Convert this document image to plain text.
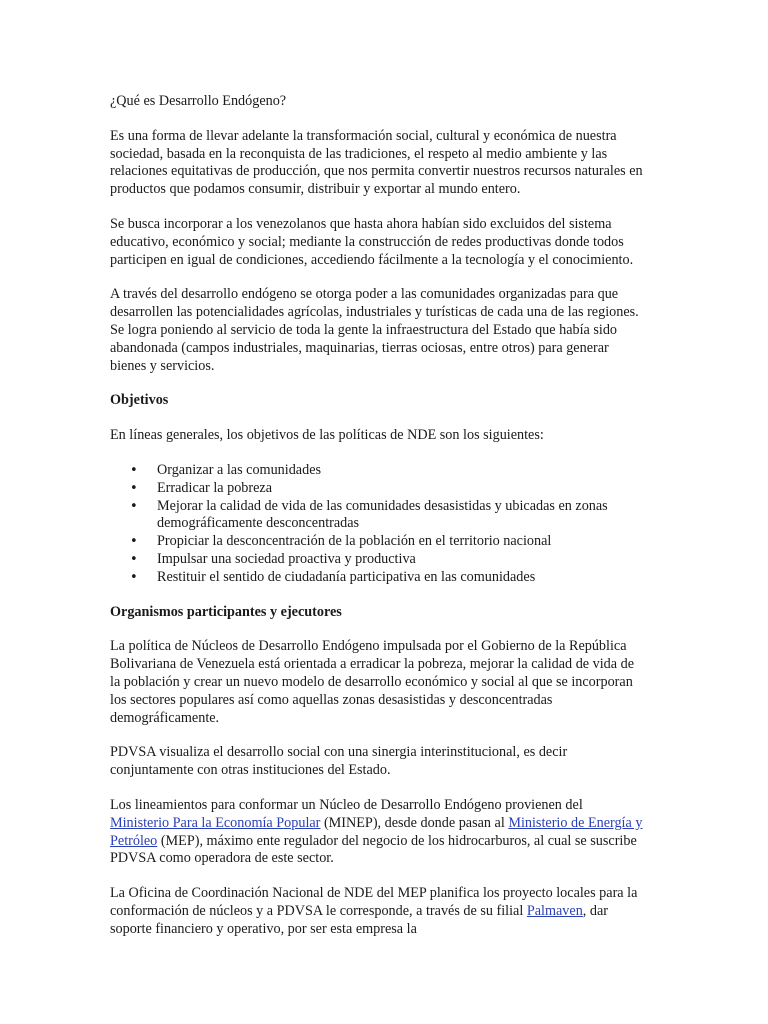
¿Qué es Desarrollo Endógeno?

Es una forma de llevar adelante la transformación social, cultural y económica de nuestra sociedad, basada en la reconquista de las tradiciones, el respeto al medio ambiente y las relaciones equitativas de producción, que nos permita convertir nuestros recursos naturales en productos que podamos consumir, distribuir y exportar al mundo entero.

Se busca incorporar a los venezolanos que hasta ahora habían sido excluidos del sistema educativo, económico y social; mediante la construcción de redes productivas donde todos participen en igual de condiciones, accediendo fácilmente a la tecnología y el conocimiento.

A través del desarrollo endógeno se otorga poder a las comunidades organizadas para que desarrollen las potencialidades agrícolas, industriales y turísticas de cada una de las regiones. Se logra poniendo al servicio de toda la gente la infraestructura del Estado que había sido abandonada (campos industriales, maquinarias, tierras ociosas, entre otros) para generar bienes y servicios.

Objetivos

En líneas generales, los objetivos de las políticas de NDE son los siguientes:

• Organizar a las comunidades
• Erradicar la pobreza
• Mejorar la calidad de vida de las comunidades desasistidas y ubicadas en zonas demográficamente desconcentradas
• Propiciar la desconcentración de la población en el territorio nacional
• Impulsar una sociedad proactiva y productiva
• Restituir el sentido de ciudadanía participativa en las comunidades

Organismos participantes y ejecutores

La política de Núcleos de Desarrollo Endógeno impulsada por el Gobierno de la República Bolivariana de Venezuela está orientada a erradicar la pobreza, mejorar la calidad de vida de la población y crear un nuevo modelo de desarrollo económico y social al que se incorporan los sectores populares así como aquellas zonas desasistidas y desconcentradas demográficamente.

PDVSA visualiza el desarrollo social con una sinergia interinstitucional, es decir conjuntamente con otras instituciones del Estado.

Los lineamientos para conformar un Núcleo de Desarrollo Endógeno provienen del Ministerio Para la Economía Popular (MINEP), desde donde pasan al Ministerio de Energía y Petróleo (MEP), máximo ente regulador del negocio de los hidrocarburos, al cual se suscribe PDVSA como operadora de este sector.

La Oficina de Coordinación Nacional de NDE del MEP planifica los proyecto locales para la conformación de núcleos y a PDVSA le corresponde, a través de su filial Palmaven, dar soporte financiero y operativo, por ser esta empresa la
